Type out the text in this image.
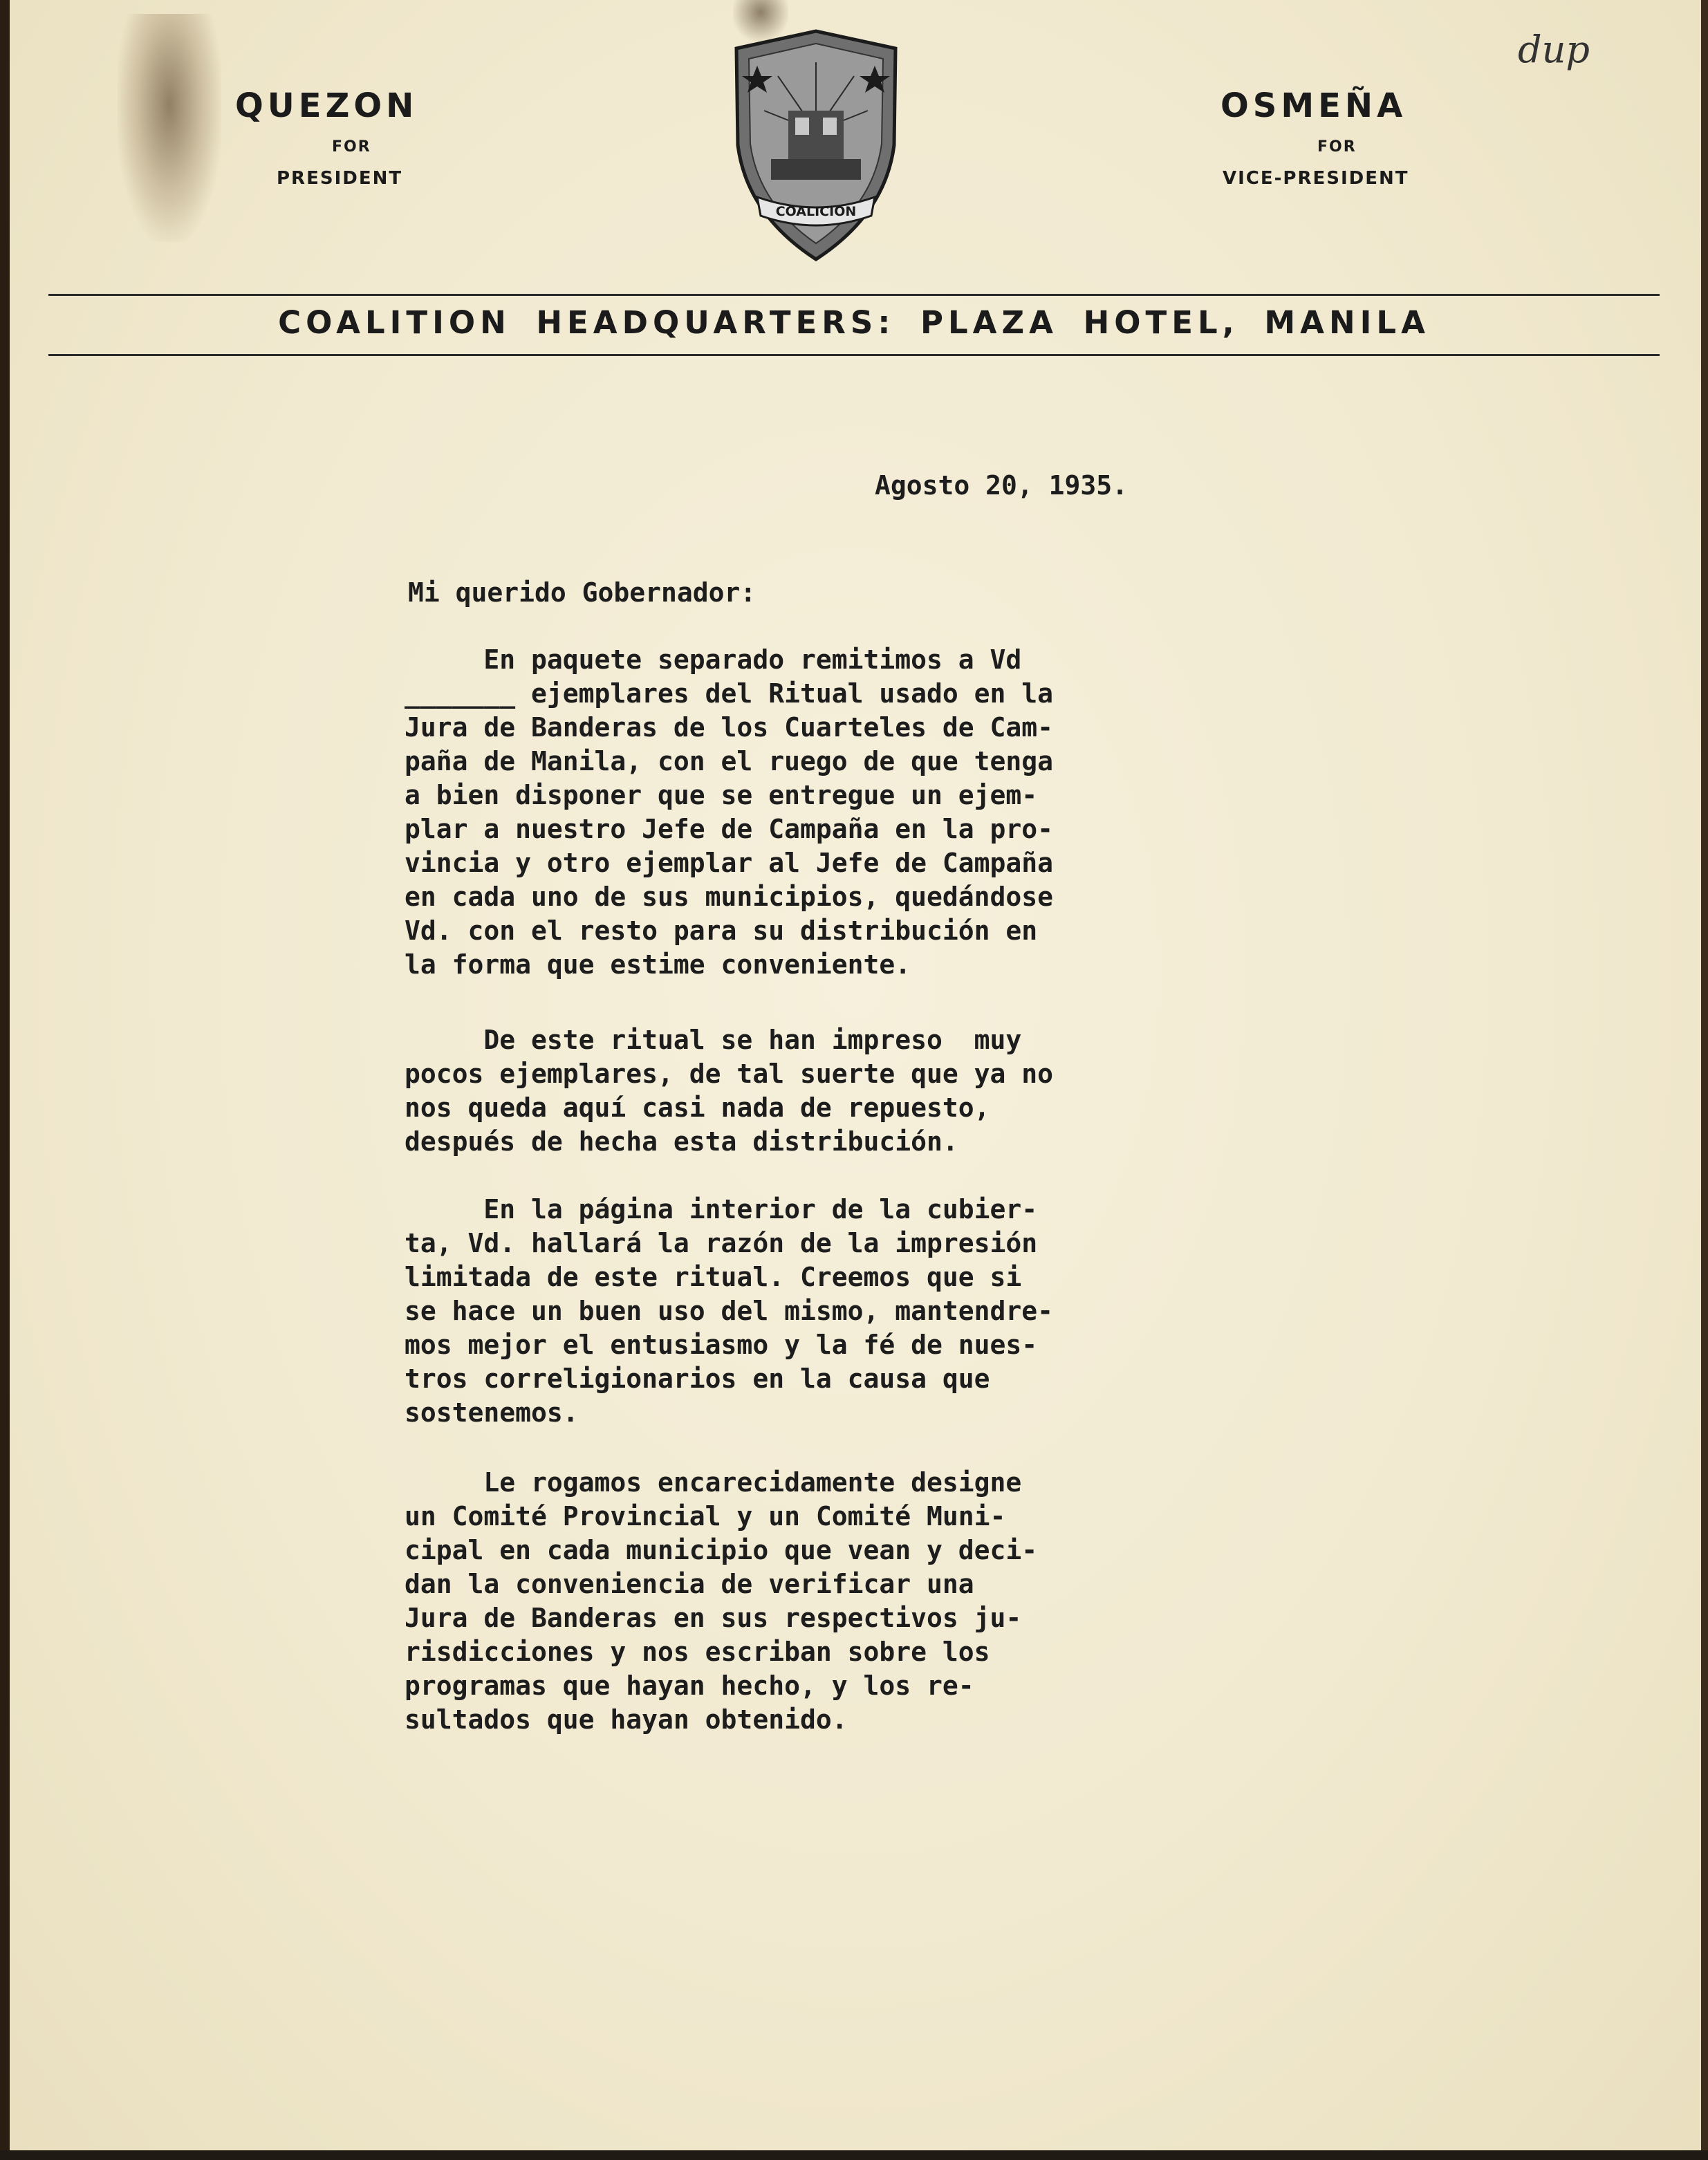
QUEZON
FOR
PRESIDENT
COALICION
OSMEÑA
FOR
VICE-PRESIDENT
dup
COALITION HEADQUARTERS: PLAZA HOTEL, MANILA
Agosto 20, 1935.
Mi querido Gobernador:
En paquete separado remitimos a Vd
_______ ejemplares del Ritual usado en la
Jura de Banderas de los Cuarteles de Cam-
paña de Manila, con el ruego de que tenga
a bien disponer que se entregue un ejem-
plar a nuestro Jefe de Campaña en la pro-
vincia y otro ejemplar al Jefe de Campaña
en cada uno de sus municipios, quedándose
Vd. con el resto para su distribución en
la forma que estime conveniente.
De este ritual se han impreso  muy
pocos ejemplares, de tal suerte que ya no
nos queda aquí casi nada de repuesto,
después de hecha esta distribución.
En la página interior de la cubier-
ta, Vd. hallará la razón de la impresión
limitada de este ritual. Creemos que si
se hace un buen uso del mismo, mantendre-
mos mejor el entusiasmo y la fé de nues-
tros correligionarios en la causa que
sostenemos.
Le rogamos encarecidamente designe
un Comité Provincial y un Comité Muni-
cipal en cada municipio que vean y deci-
dan la conveniencia de verificar una
Jura de Banderas en sus respectivos ju-
risdicciones y nos escriban sobre los
programas que hayan hecho, y los re-
sultados que hayan obtenido.
